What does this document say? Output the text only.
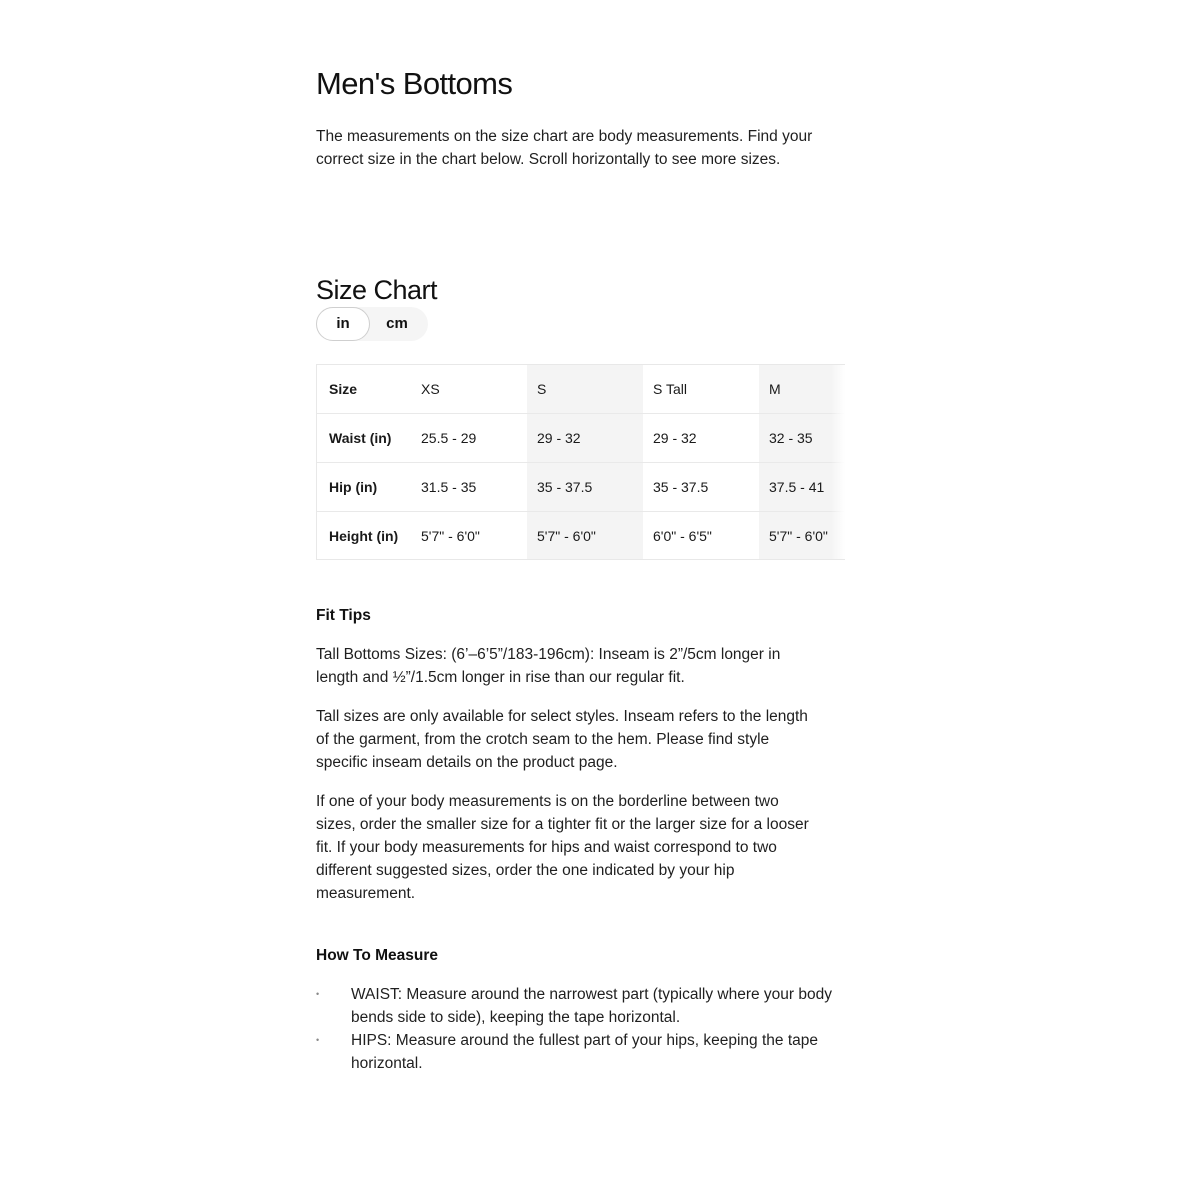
Men's Bottoms

The measurements on the size chart are body measurements. Find your correct size in the chart below. Scroll horizontally to see more sizes.

Size Chart
in	cm
Size	XS	S	S Tall	M
Waist (in)	25.5 - 29	29 - 32	29 - 32	32 - 35
Hip (in)	31.5 - 35	35 - 37.5	35 - 37.5	37.5 - 41
Height (in)	5'7" - 6'0"	5'7" - 6'0"	6'0" - 6'5"	5'7" - 6'0"
Fit Tips

Tall Bottoms Sizes: (6’–6’5”/183-196cm): Inseam is 2”/5cm longer in length and ½”/1.5cm longer in rise than our regular fit.

Tall sizes are only available for select styles. Inseam refers to the length of the garment, from the crotch seam to the hem. Please find style specific inseam details on the product page.

If one of your body measurements is on the borderline between two sizes, order the smaller size for a tighter fit or the larger size for a looser fit. If your body measurements for hips and waist correspond to two different suggested sizes, order the one indicated by your hip measurement.

How To Measure
• WAIST: Measure around the narrowest part (typically where your body bends side to side), keeping the tape horizontal.
• HIPS: Measure around the fullest part of your hips, keeping the tape horizontal.
